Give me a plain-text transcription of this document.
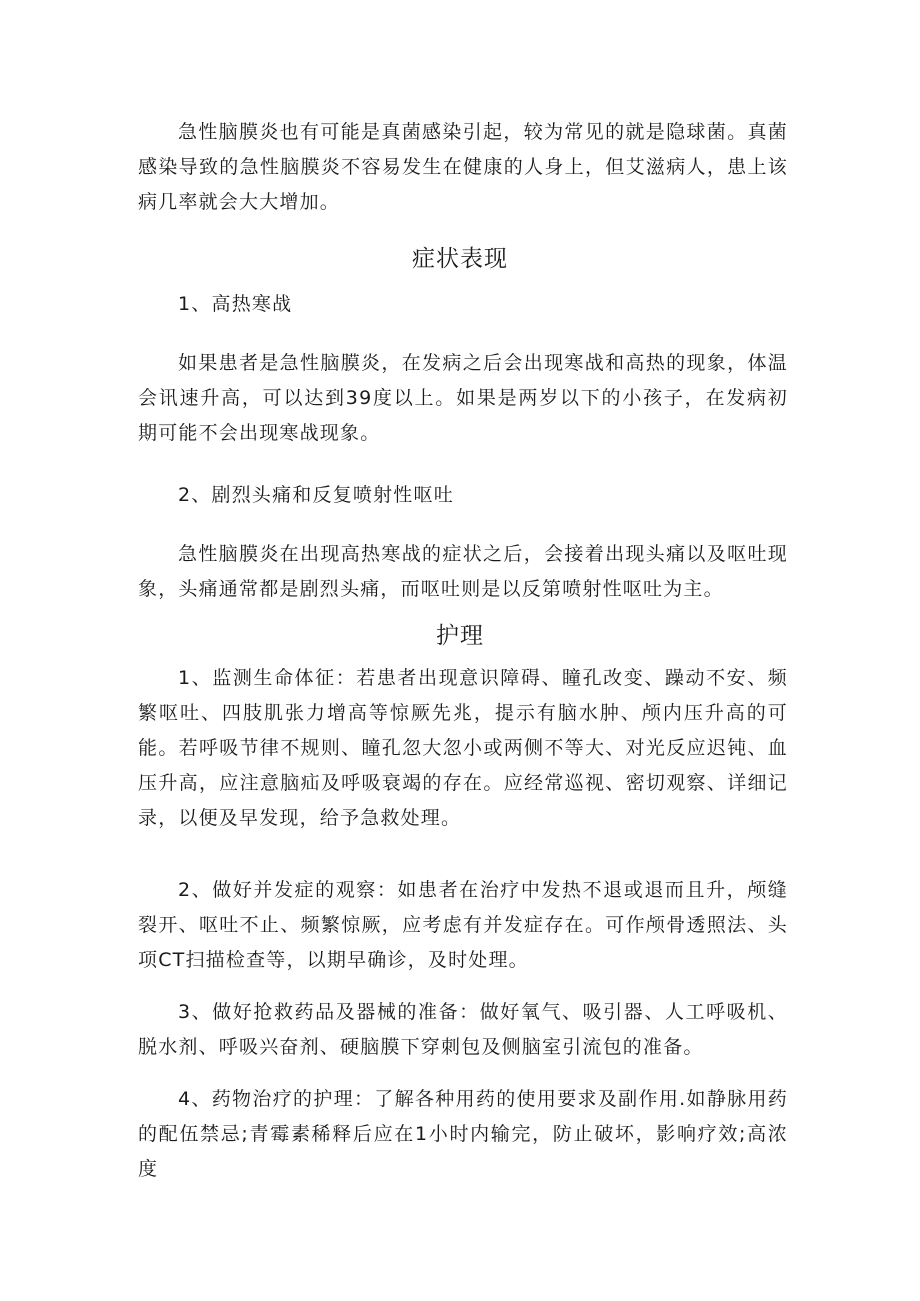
急性脑膜炎也有可能是真菌感染引起，较为常见的就是隐球菌。真菌感染导致的急性脑膜炎不容易发生在健康的人身上，但艾滋病人，患上该病几率就会大大增加。

症状表现

1、高热寒战

如果患者是急性脑膜炎，在发病之后会出现寒战和高热的现象，体温会讯速升高，可以达到39度以上。如果是两岁以下的小孩子，在发病初期可能不会出现寒战现象。

2、剧烈头痛和反复喷射性呕吐

急性脑膜炎在出现高热寒战的症状之后，会接着出现头痛以及呕吐现象，头痛通常都是剧烈头痛，而呕吐则是以反第喷射性呕吐为主。

护理

1、监测生命体征：若患者出现意识障碍、瞳孔改变、躁动不安、频繁呕吐、四肢肌张力增高等惊厥先兆，提示有脑水肿、颅内压升高的可能。若呼吸节律不规则、瞳孔忽大忽小或两侧不等大、对光反应迟钝、血压升高，应注意脑疝及呼吸衰竭的存在。应经常巡视、密切观察、详细记录，以便及早发现，给予急救处理。

2、做好并发症的观察：如患者在治疗中发热不退或退而且升，颅缝裂开、呕吐不止、频繁惊厥，应考虑有并发症存在。可作颅骨透照法、头项CT扫描检查等，以期早确诊，及时处理。

3、做好抢救药品及器械的准备：做好氧气、吸引器、人工呼吸机、脱水剂、呼吸兴奋剂、硬脑膜下穿刺包及侧脑室引流包的准备。

4、药物治疗的护理：了解各种用药的使用要求及副作用.如静脉用药的配伍禁忌;青霉素稀释后应在1小时内输完，防止破坏，影响疗效;高浓度
